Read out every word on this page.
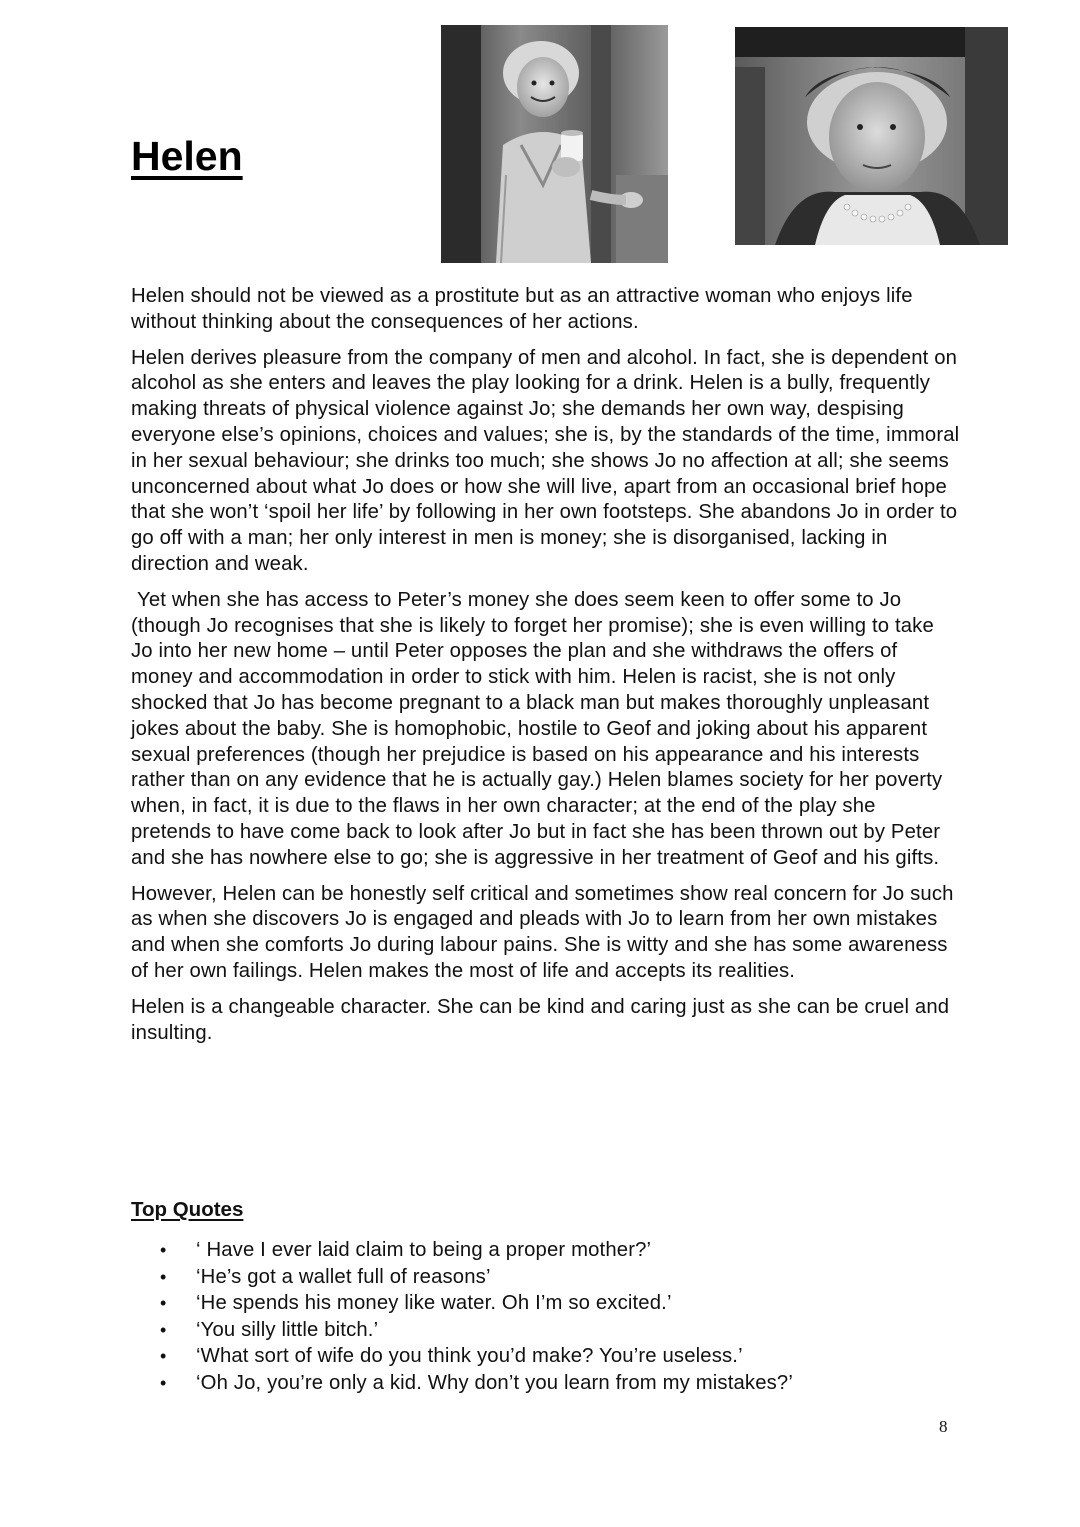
Helen

Helen should not be viewed as a prostitute but as an attractive woman who enjoys life without thinking about the consequences of her actions.

Helen derives pleasure from the company of men and alcohol. In fact, she is dependent on alcohol as she enters and leaves the play looking for a drink. Helen is a bully, frequently making threats of physical violence against Jo; she demands her own way, despising everyone else’s opinions, choices and values; she is, by the standards of the time, immoral in her sexual behaviour; she drinks too much; she shows Jo no affection at all; she seems unconcerned about what Jo does or how she will live, apart from an occasional brief hope that she won’t ‘spoil her life’ by following in her own footsteps. She abandons Jo in order to go off with a man; her only interest in men is money; she is disorganised, lacking in direction and weak.

Yet when she has access to Peter’s money she does seem keen to offer some to Jo (though Jo recognises that she is likely to forget her promise); she is even willing to take Jo into her new home – until Peter opposes the plan and she withdraws the offers of money and accommodation in order to stick with him. Helen is racist, she is not only shocked that Jo has become pregnant to a black man but makes thoroughly unpleasant jokes about the baby. She is homophobic, hostile to Geof and joking about his apparent sexual preferences (though her prejudice is based on his appearance and his interests rather than on any evidence that he is actually gay.) Helen blames society for her poverty when, in fact, it is due to the flaws in her own character; at the end of the play she pretends to have come back to look after Jo but in fact she has been thrown out by Peter and she has nowhere else to go; she is aggressive in her treatment of Geof and his gifts.

However, Helen can be honestly self critical and sometimes show real concern for Jo such as when she discovers Jo is engaged and pleads with Jo to learn from her own mistakes and when she comforts Jo during labour pains. She is witty and she has some awareness of her own failings. Helen makes the most of life and accepts its realities.

Helen is a changeable character. She can be kind and caring just as she can be cruel and insulting.

Top Quotes
• ‘ Have I ever laid claim to being a proper mother?’
• ‘He’s got a wallet full of reasons’
• ‘He spends his money like water. Oh I’m so excited.’
• ‘You silly little bitch.’
• ‘What sort of wife do you think you’d make? You’re useless.’
• ‘Oh Jo, you’re only a kid. Why don’t you learn from my mistakes?’
8
